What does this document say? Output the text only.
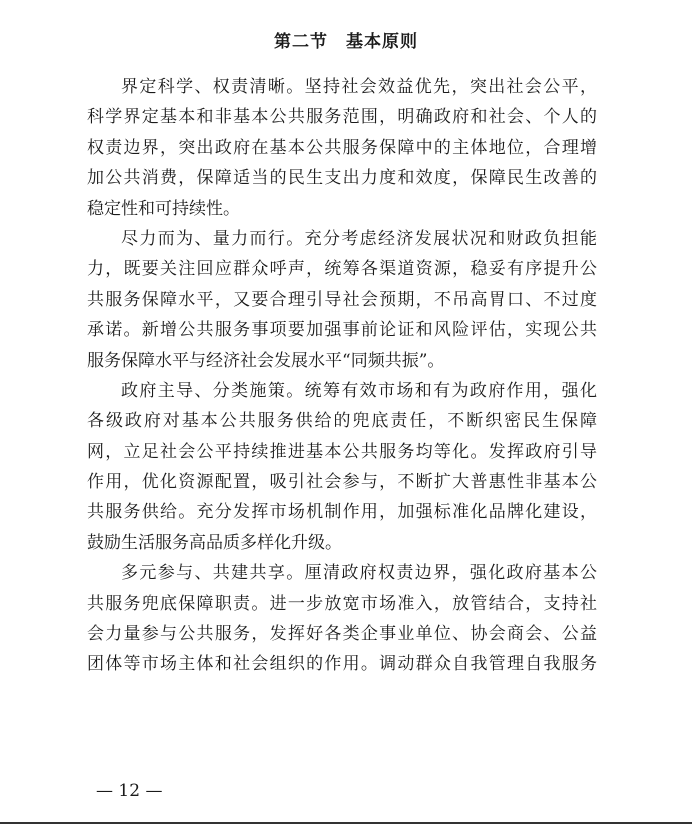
第二节　基本原则
界定科学、权责清晰。坚持社会效益优先，突出社会公平，
科学界定基本和非基本公共服务范围，明确政府和社会、个人的
权责边界，突出政府在基本公共服务保障中的主体地位，合理增
加公共消费，保障适当的民生支出力度和效度，保障民生改善的
稳定性和可持续性。
尽力而为、量力而行。充分考虑经济发展状况和财政负担能
力，既要关注回应群众呼声，统筹各渠道资源，稳妥有序提升公
共服务保障水平，又要合理引导社会预期，不吊高胃口、不过度
承诺。新增公共服务事项要加强事前论证和风险评估，实现公共
服务保障水平与经济社会发展水平“同频共振”。
政府主导、分类施策。统筹有效市场和有为政府作用，强化
各级政府对基本公共服务供给的兜底责任，不断织密民生保障
网，立足社会公平持续推进基本公共服务均等化。发挥政府引导
作用，优化资源配置，吸引社会参与，不断扩大普惠性非基本公
共服务供给。充分发挥市场机制作用，加强标准化品牌化建设，
鼓励生活服务高品质多样化升级。
多元参与、共建共享。厘清政府权责边界，强化政府基本公
共服务兜底保障职责。进一步放宽市场准入，放管结合，支持社
会力量参与公共服务，发挥好各类企事业单位、协会商会、公益
团体等市场主体和社会组织的作用。调动群众自我管理自我服务
— 12 —
